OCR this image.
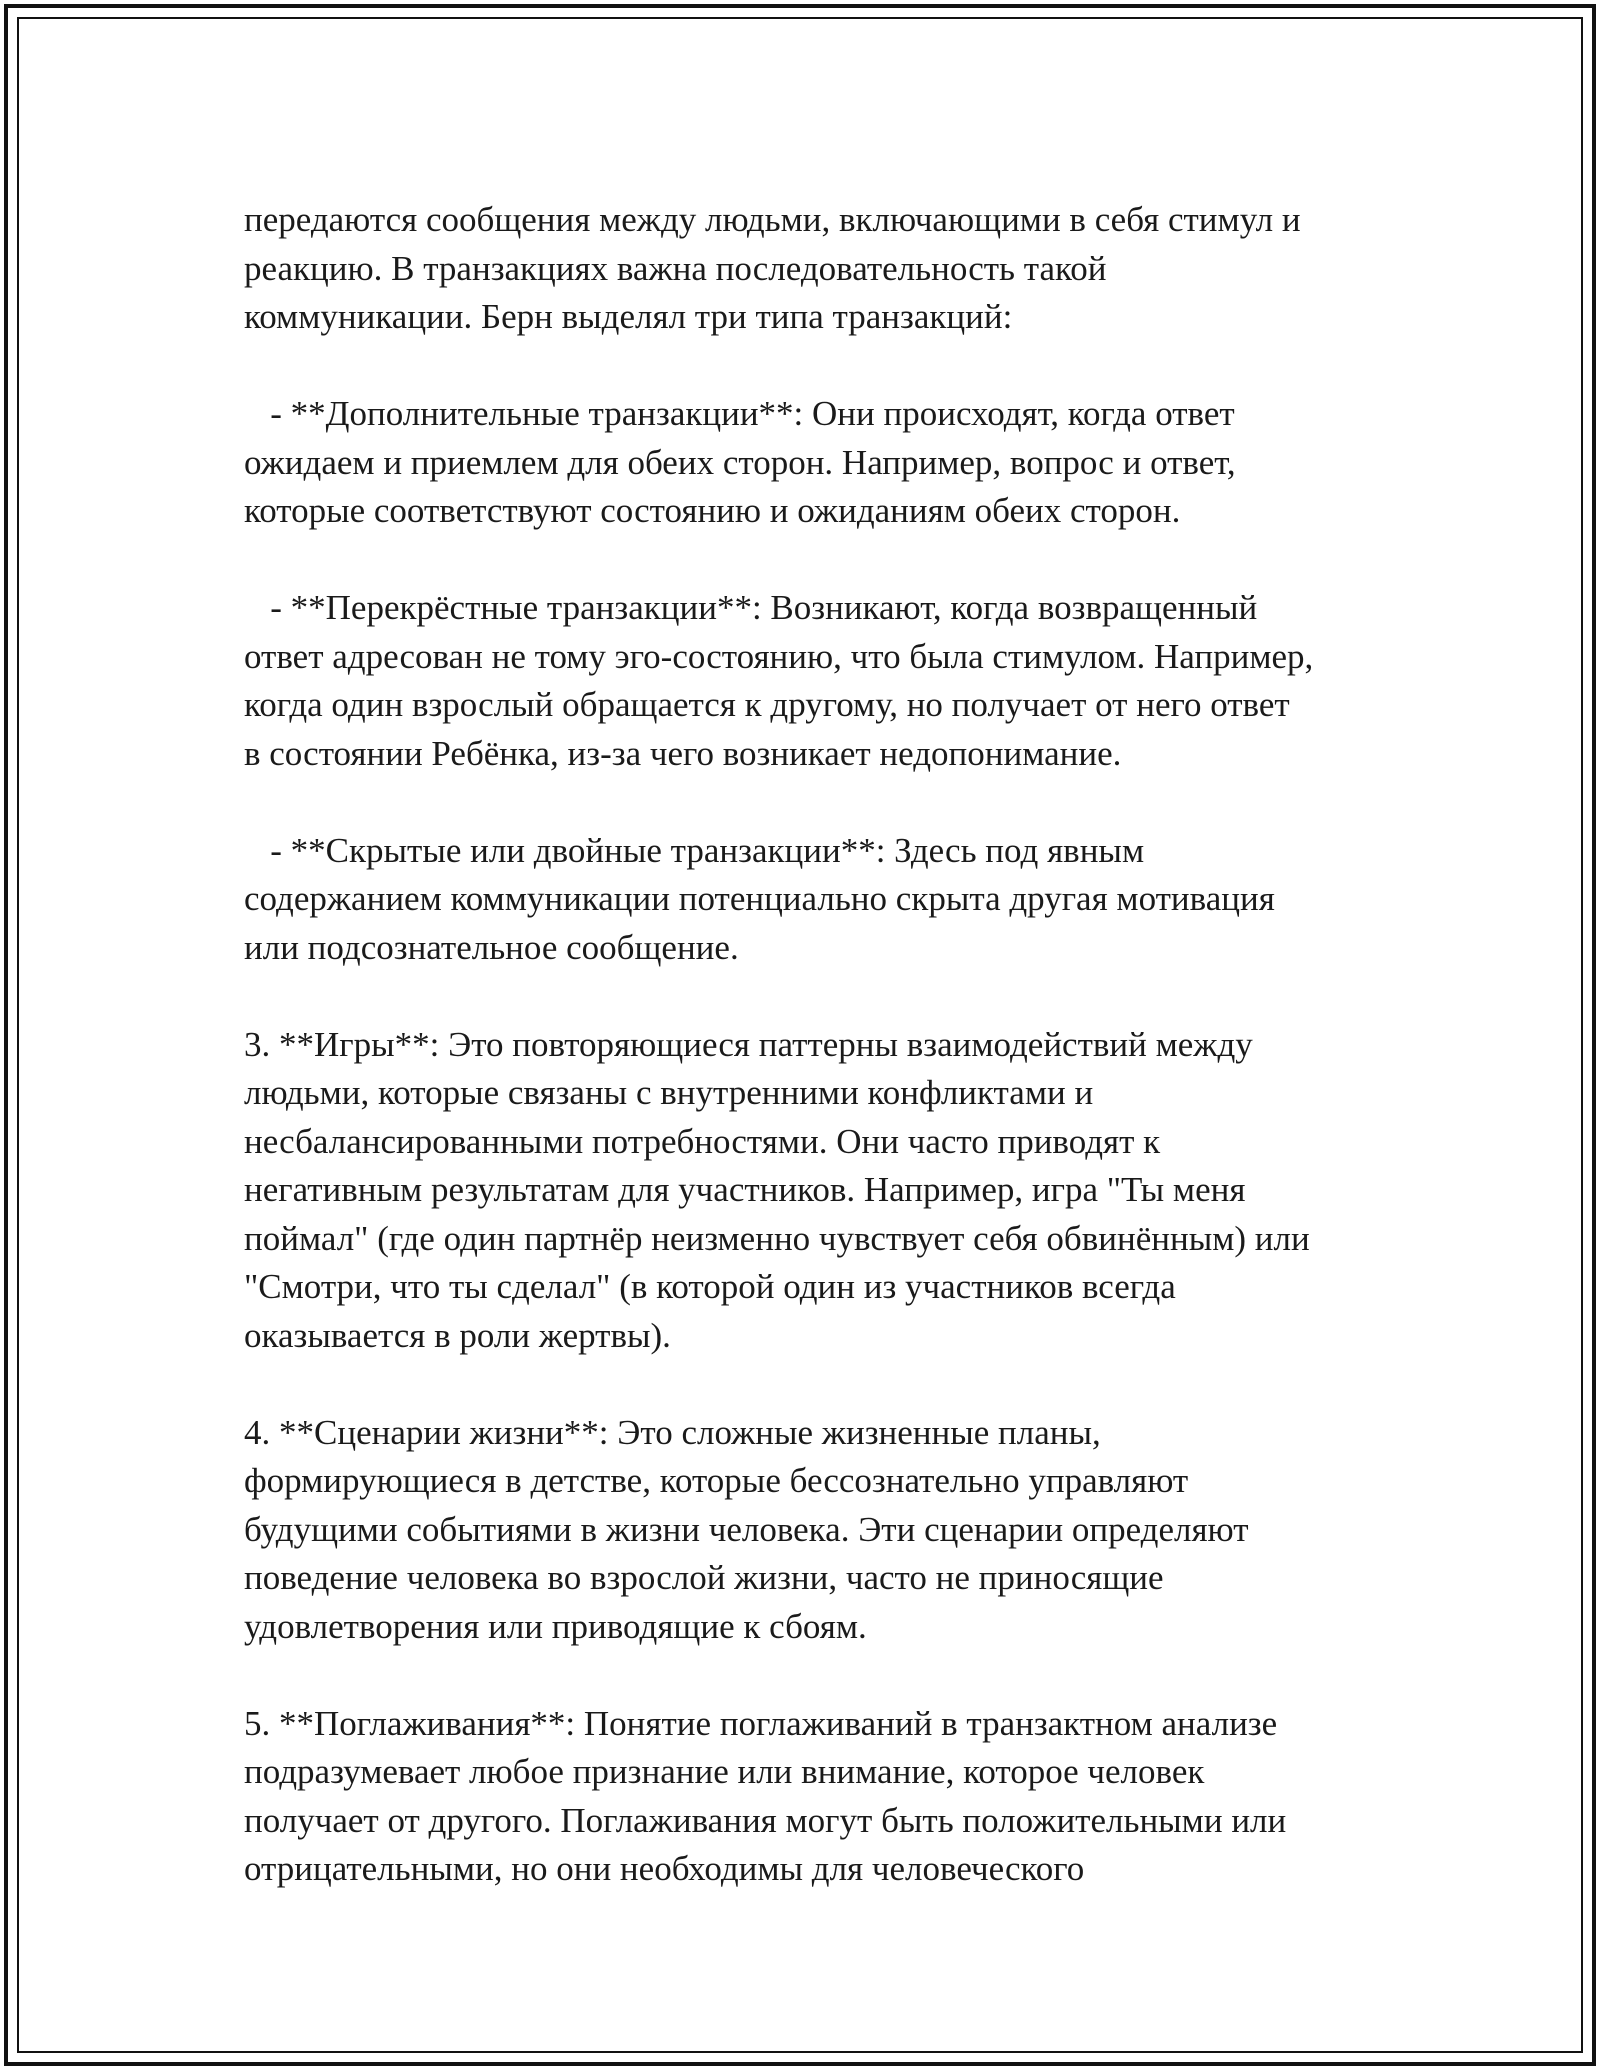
передаются сообщения между людьми, включающими в себя стимул и
реакцию. В транзакциях важна последовательность такой
коммуникации. Берн выделял три типа транзакций:
- **Дополнительные транзакции**: Они происходят, когда ответ
ожидаем и приемлем для обеих сторон. Например, вопрос и ответ,
которые соответствуют состоянию и ожиданиям обеих сторон.
- **Перекрёстные транзакции**: Возникают, когда возвращенный
ответ адресован не тому эго-состоянию, что была стимулом. Например,
когда один взрослый обращается к другому, но получает от него ответ
в состоянии Ребёнка, из-за чего возникает недопонимание.
- **Скрытые или двойные транзакции**: Здесь под явным
содержанием коммуникации потенциально скрыта другая мотивация
или подсознательное сообщение.
3. **Игры**: Это повторяющиеся паттерны взаимодействий между
людьми, которые связаны с внутренними конфликтами и
несбалансированными потребностями. Они часто приводят к
негативным результатам для участников. Например, игра "Ты меня
поймал" (где один партнёр неизменно чувствует себя обвинённым) или
"Смотри, что ты сделал" (в которой один из участников всегда
оказывается в роли жертвы).
4. **Сценарии жизни**: Это сложные жизненные планы,
формирующиеся в детстве, которые бессознательно управляют
будущими событиями в жизни человека. Эти сценарии определяют
поведение человека во взрослой жизни, часто не приносящие
удовлетворения или приводящие к сбоям.
5. **Поглаживания**: Понятие поглаживаний в транзактном анализе
подразумевает любое признание или внимание, которое человек
получает от другого. Поглаживания могут быть положительными или
отрицательными, но они необходимы для человеческого
